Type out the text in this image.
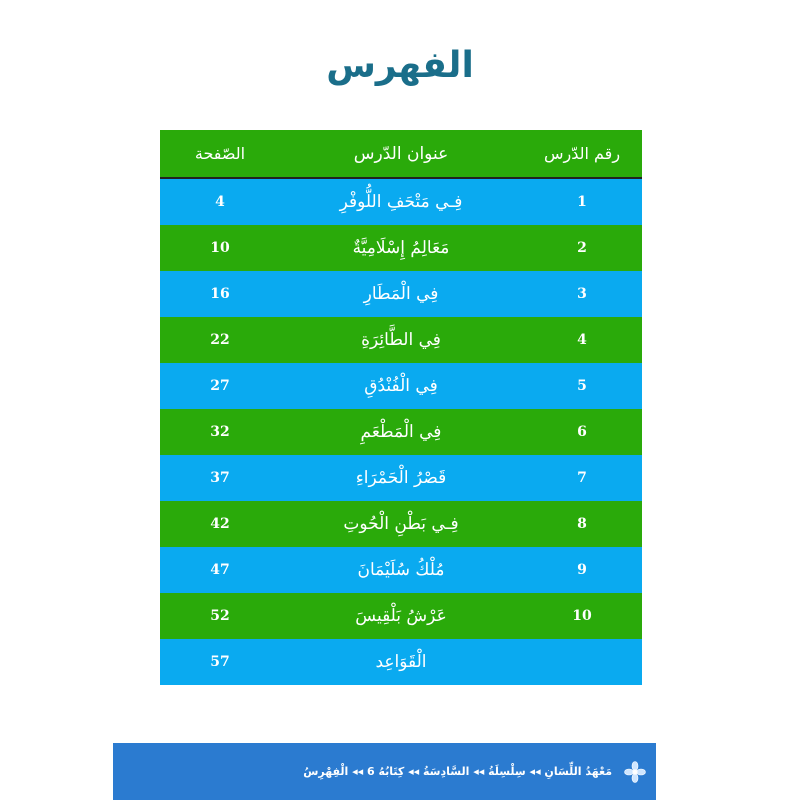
الفهرس
رقم الدّرس
عنوان الدّرس
الصّفحة
1
فِـي مَتْحَفِ اللُّوفْرِ
4
2
مَعَالِمُ إِسْلَامِيَّةٌ
10
3
فِي الْمَطَارِ
16
4
فِي الطَّائِرَةِ
22
5
فِي الْفُنْدُقِ
27
6
فِي الْمَطْعَمِ
32
7
قَصْرُ الْحَمْرَاءِ
37
8
فِـي بَطْنِ الْحُوتِ
42
9
مُلْكُ سُلَيْمَانَ
47
10
عَرْشُ بَلْقِيسَ
52
الْقَوَاعِد
57
مَعْهَدُ اللِّسَانِ ◂◂ سِلْسِلَةُ ◂◂ السَّادِسَةُ ◂◂ كِتَابُهُ 6 ◂◂ الْفِهْرِسُ
